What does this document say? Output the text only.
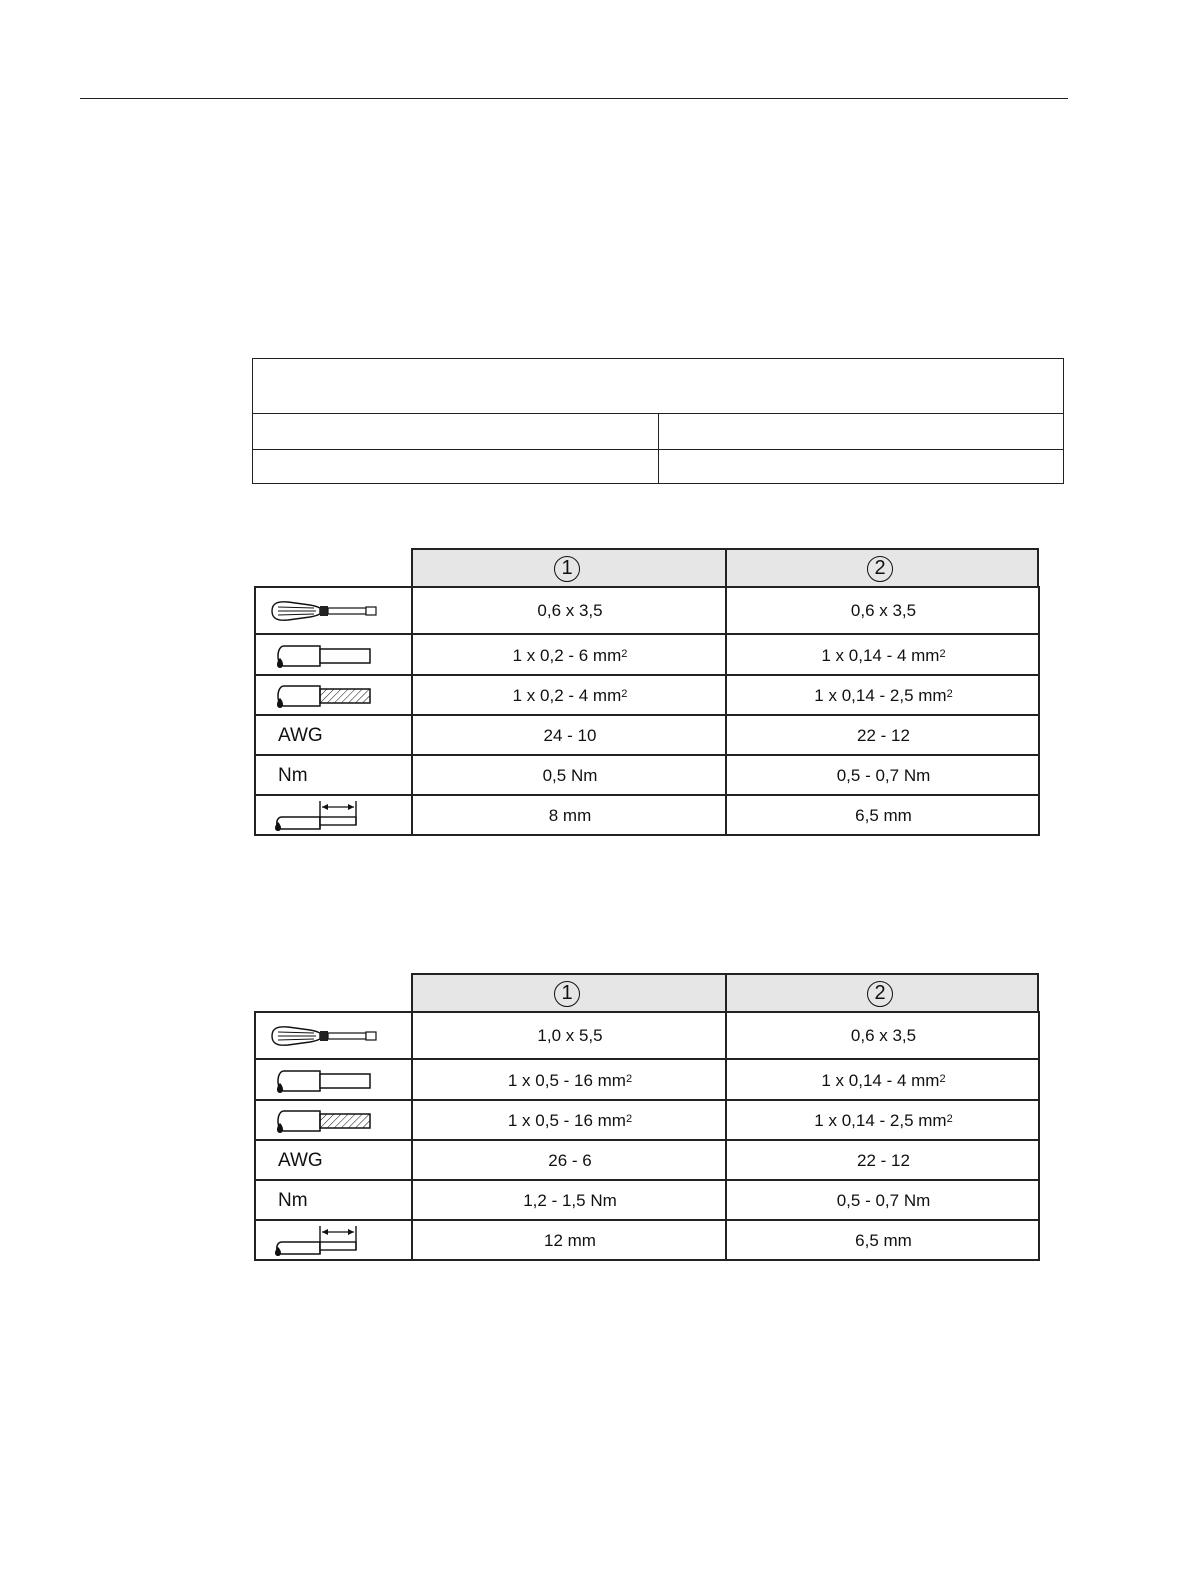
1	2
0,6 x 3,5	0,6 x 3,5
1 x 0,2 - 6 $mm^2$	1 x 0,14 - 4 $mm^2$
1 x 0,2 - 4 $mm^2$	1 x 0,14 - 2,5 $mm^2$
AWG	24 - 10	22 - 12
Nm	0,5 Nm	0,5 - 0,7 Nm
8 mm	6,5 mm
1	2
1,0 x 5,5	0,6 x 3,5
1 x 0,5 - 16 $mm^2$	1 x 0,14 - 4 $mm^2$
1 x 0,5 - 16 $mm^2$	1 x 0,14 - 2,5 $mm^2$
AWG	26 - 6	22 - 12
Nm	1,2 - 1,5 Nm	0,5 - 0,7 Nm
12 mm	6,5 mm
